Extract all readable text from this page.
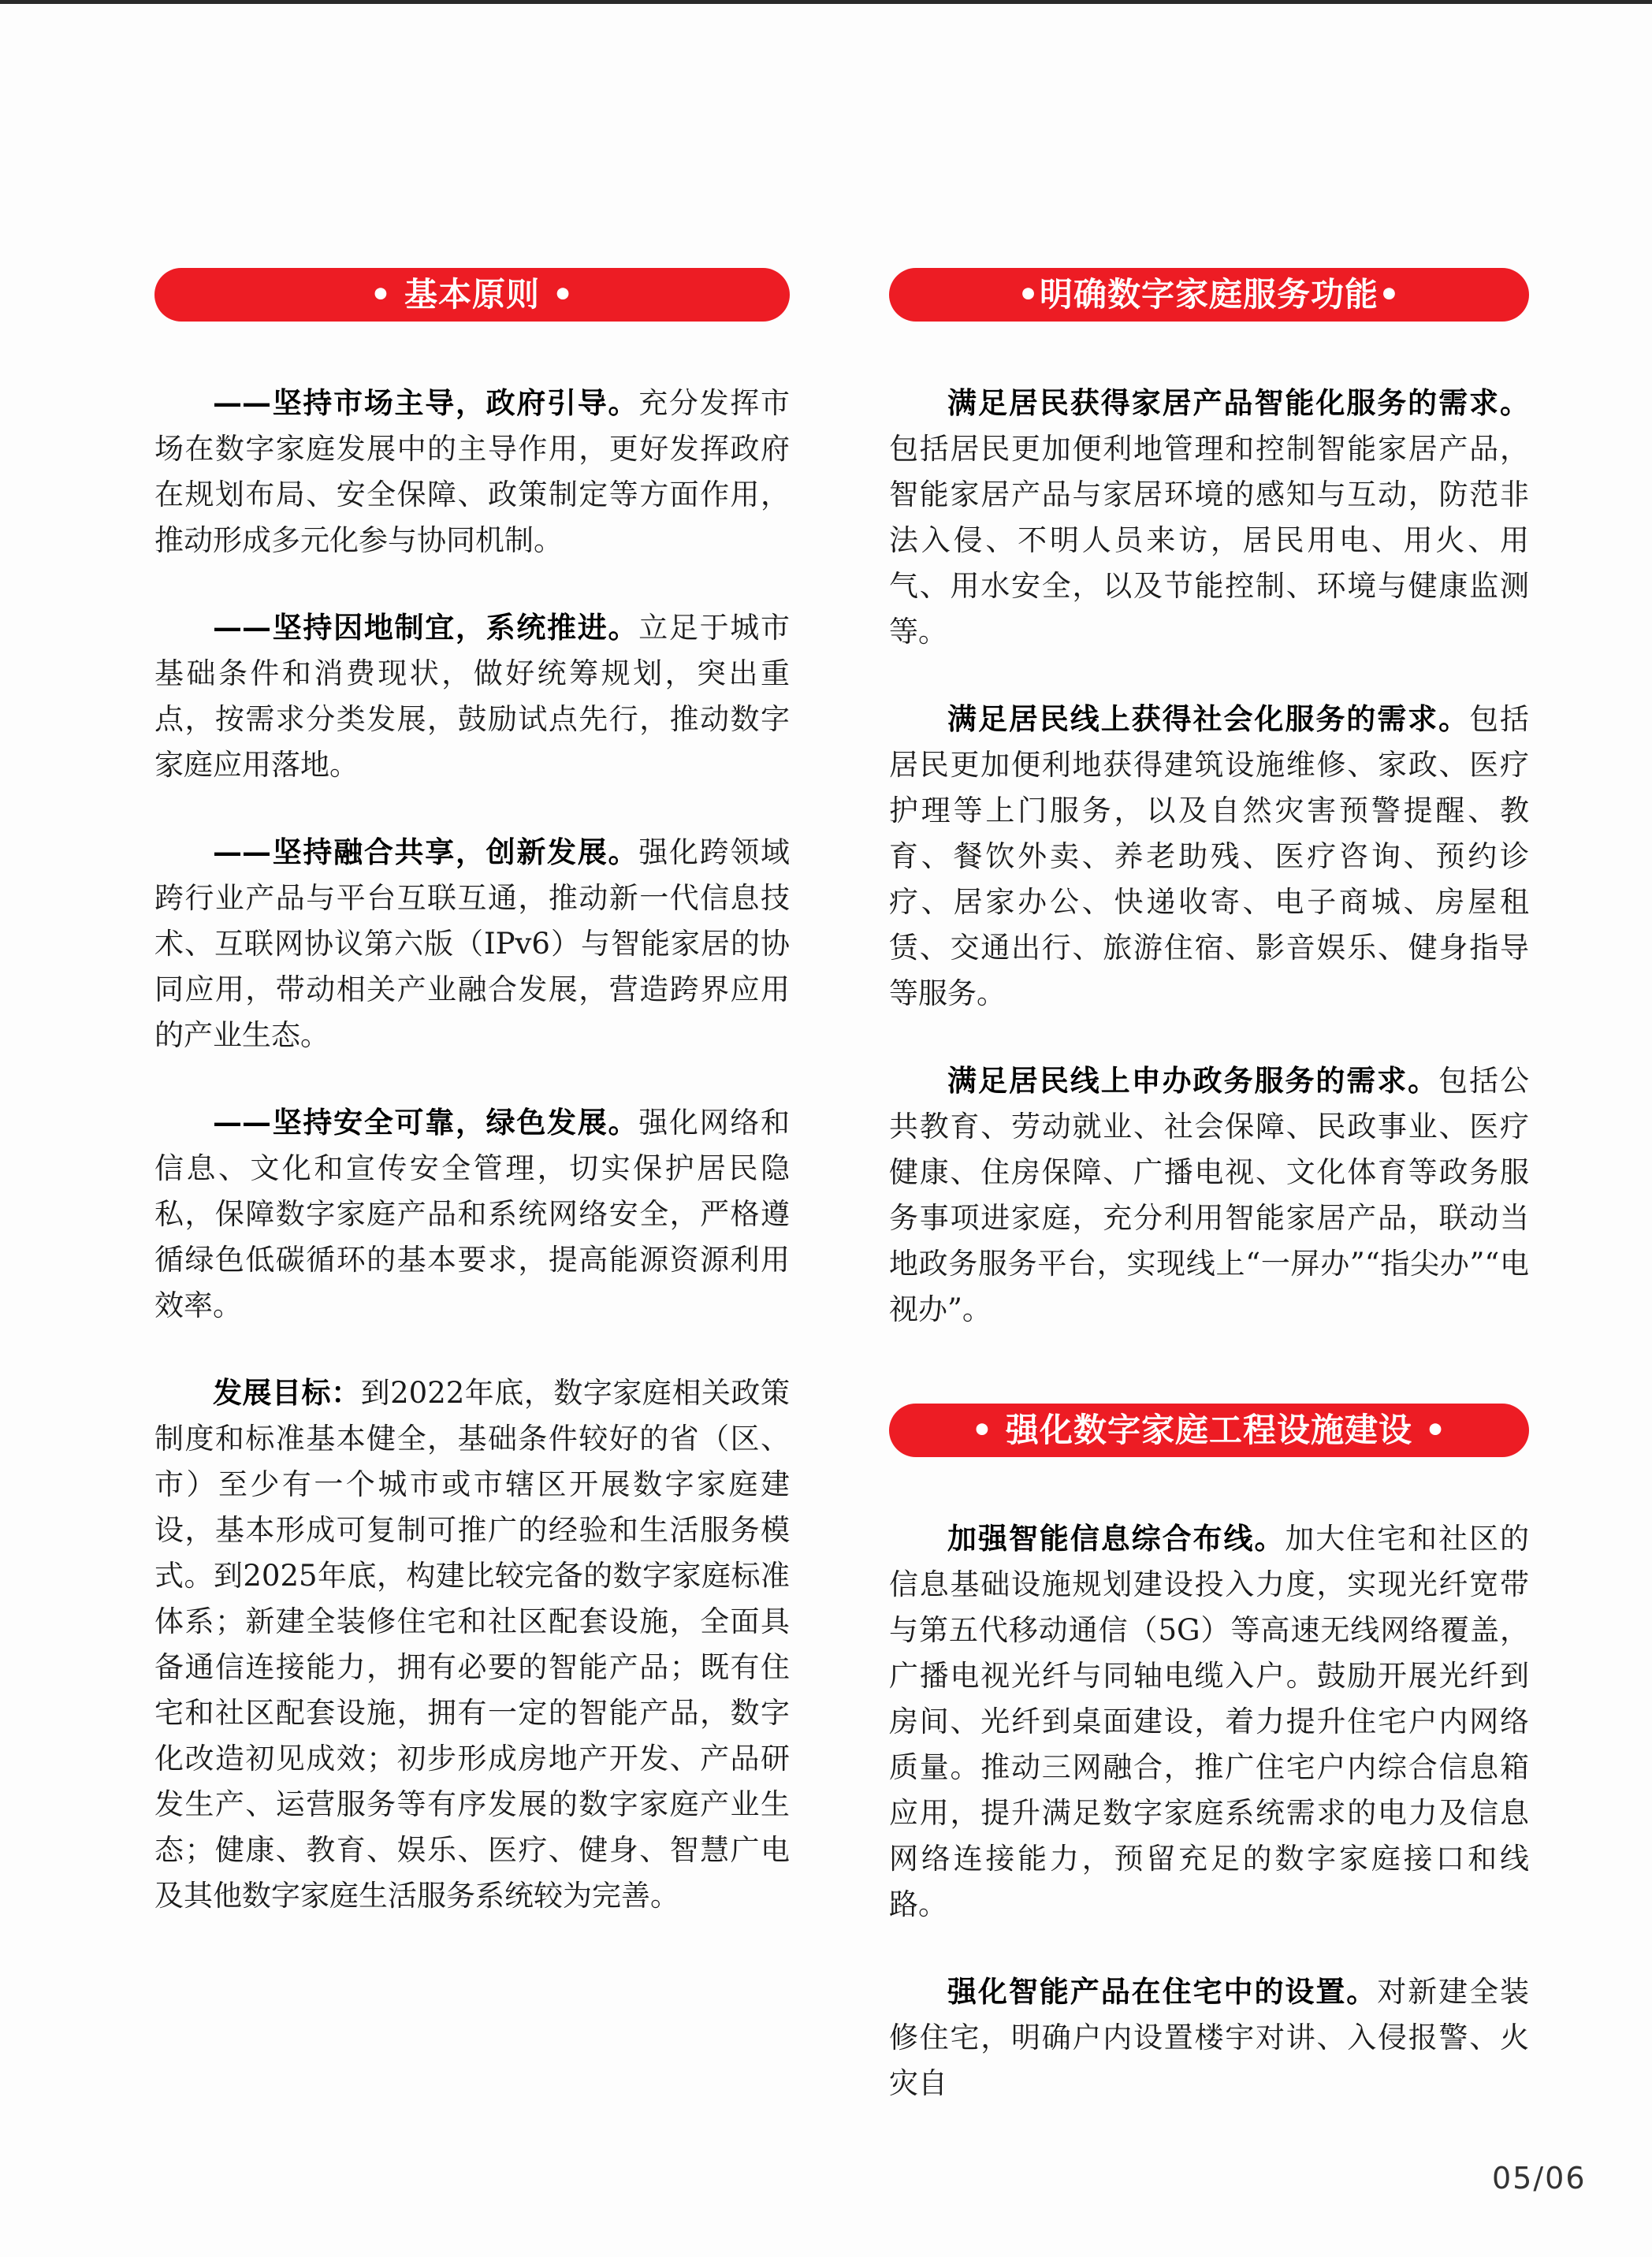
• 基本原则 •

——坚持市场主导，政府引导。充分发挥市场在数字家庭发展中的主导作用，更好发挥政府在规划布局、安全保障、政策制定等方面作用，推动形成多元化参与协同机制。

——坚持因地制宜，系统推进。立足于城市基础条件和消费现状，做好统筹规划，突出重点，按需求分类发展，鼓励试点先行，推动数字家庭应用落地。

——坚持融合共享，创新发展。强化跨领域跨行业产品与平台互联互通，推动新一代信息技术、互联网协议第六版（IPv6）与智能家居的协同应用，带动相关产业融合发展，营造跨界应用的产业生态。

——坚持安全可靠，绿色发展。强化网络和信息、文化和宣传安全管理，切实保护居民隐私，保障数字家庭产品和系统网络安全，严格遵循绿色低碳循环的基本要求，提高能源资源利用效率。

发展目标：到2022年底，数字家庭相关政策制度和标准基本健全，基础条件较好的省（区、市）至少有一个城市或市辖区开展数字家庭建设，基本形成可复制可推广的经验和生活服务模式。到2025年底，构建比较完备的数字家庭标准体系；新建全装修住宅和社区配套设施，全面具备通信连接能力，拥有必要的智能产品；既有住宅和社区配套设施，拥有一定的智能产品，数字化改造初见成效；初步形成房地产开发、产品研发生产、运营服务等有序发展的数字家庭产业生态；健康、教育、娱乐、医疗、健身、智慧广电及其他数字家庭生活服务系统较为完善。

•明确数字家庭服务功能•

满足居民获得家居产品智能化服务的需求。包括居民更加便利地管理和控制智能家居产品，智能家居产品与家居环境的感知与互动，防范非法入侵、不明人员来访，居民用电、用火、用气、用水安全，以及节能控制、环境与健康监测等。

满足居民线上获得社会化服务的需求。包括居民更加便利地获得建筑设施维修、家政、医疗护理等上门服务，以及自然灾害预警提醒、教育、餐饮外卖、养老助残、医疗咨询、预约诊疗、居家办公、快递收寄、电子商城、房屋租赁、交通出行、旅游住宿、影音娱乐、健身指导等服务。

满足居民线上申办政务服务的需求。包括公共教育、劳动就业、社会保障、民政事业、医疗健康、住房保障、广播电视、文化体育等政务服务事项进家庭，充分利用智能家居产品，联动当地政务服务平台，实现线上“一屏办”“指尖办”“电视办”。

• 强化数字家庭工程设施建设 •

加强智能信息综合布线。加大住宅和社区的信息基础设施规划建设投入力度，实现光纤宽带与第五代移动通信（5G）等高速无线网络覆盖，广播电视光纤与同轴电缆入户。鼓励开展光纤到房间、光纤到桌面建设，着力提升住宅户内网络质量。推动三网融合，推广住宅户内综合信息箱应用，提升满足数字家庭系统需求的电力及信息网络连接能力，预留充足的数字家庭接口和线路。

强化智能产品在住宅中的设置。对新建全装修住宅，明确户内设置楼宇对讲、入侵报警、火灾自

05/06
